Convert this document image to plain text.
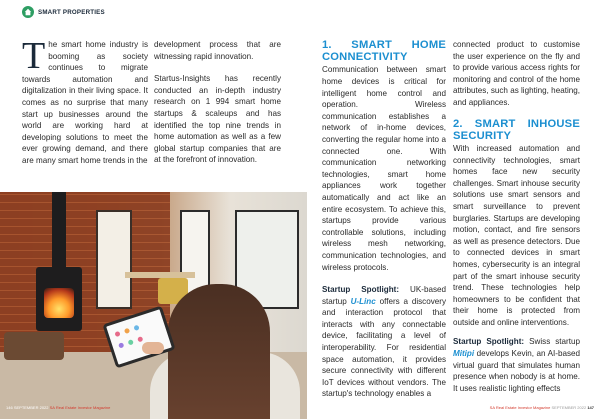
SMART PROPERTIES

The smart home industry is booming as society continues to migrate towards automation and digitalization in their living space. It comes as no surprise that many start up businesses around the world are working hard at developing solutions to meet the ever growing demand, and there are many smart home trends in the

development process that are witnessing rapid innovation.

Startus-Insights has recently conducted an in-depth industry research on 1 994 smart home startups & scaleups and has identified the top nine trends in home automation as well as a few global startup companies that are at the forefront of innovation.

1. SMART HOME CONNECTIVITY

Communication between smart home devices is critical for intelligent home control and operation. Wireless communication establishes a network of in-home devices, converting the regular home into a connected one. With communication networking technologies, smart home appliances work together automatically and act like an entire ecosystem. To achieve this, startups provide various controllable solutions, including wireless mesh networking, communication technologies, and wireless protocols.

Startup Spotlight: UK-based startup U-Linc offers a discovery and interaction protocol that interacts with any connectable device, facilitating a level of interoperability. For residential space automation, it provides secure connectivity with different IoT devices without vendors. The startup's technology enables a

connected product to customise the user experience on the fly and to provide various access rights for monitoring and control of the home attributes, such as lighting, heating, and appliances.

2. SMART INHOUSE SECURITY

With increased automation and connectivity technologies, smart homes face new security challenges. Smart inhouse security solutions use smart sensors and smart surveillance to prevent burglaries. Startups are developing motion, contact, and fire sensors as well as presence detectors. Due to connected devices in smart homes, cybersecurity is an integral part of the smart inhouse security trend. These technologies help homeowners to be confident that their home is protected from outside and online interventions.

Startup Spotlight: Swiss startup Mitipi develops Kevin, an AI-based virtual guard that simulates human presence when nobody is at home. It uses realistic lighting effects

146 SEPTEMBER 2022 SA Real Estate Investor Magazine	SA Real Estate Investor Magazine SEPTEMBER 2022 147
